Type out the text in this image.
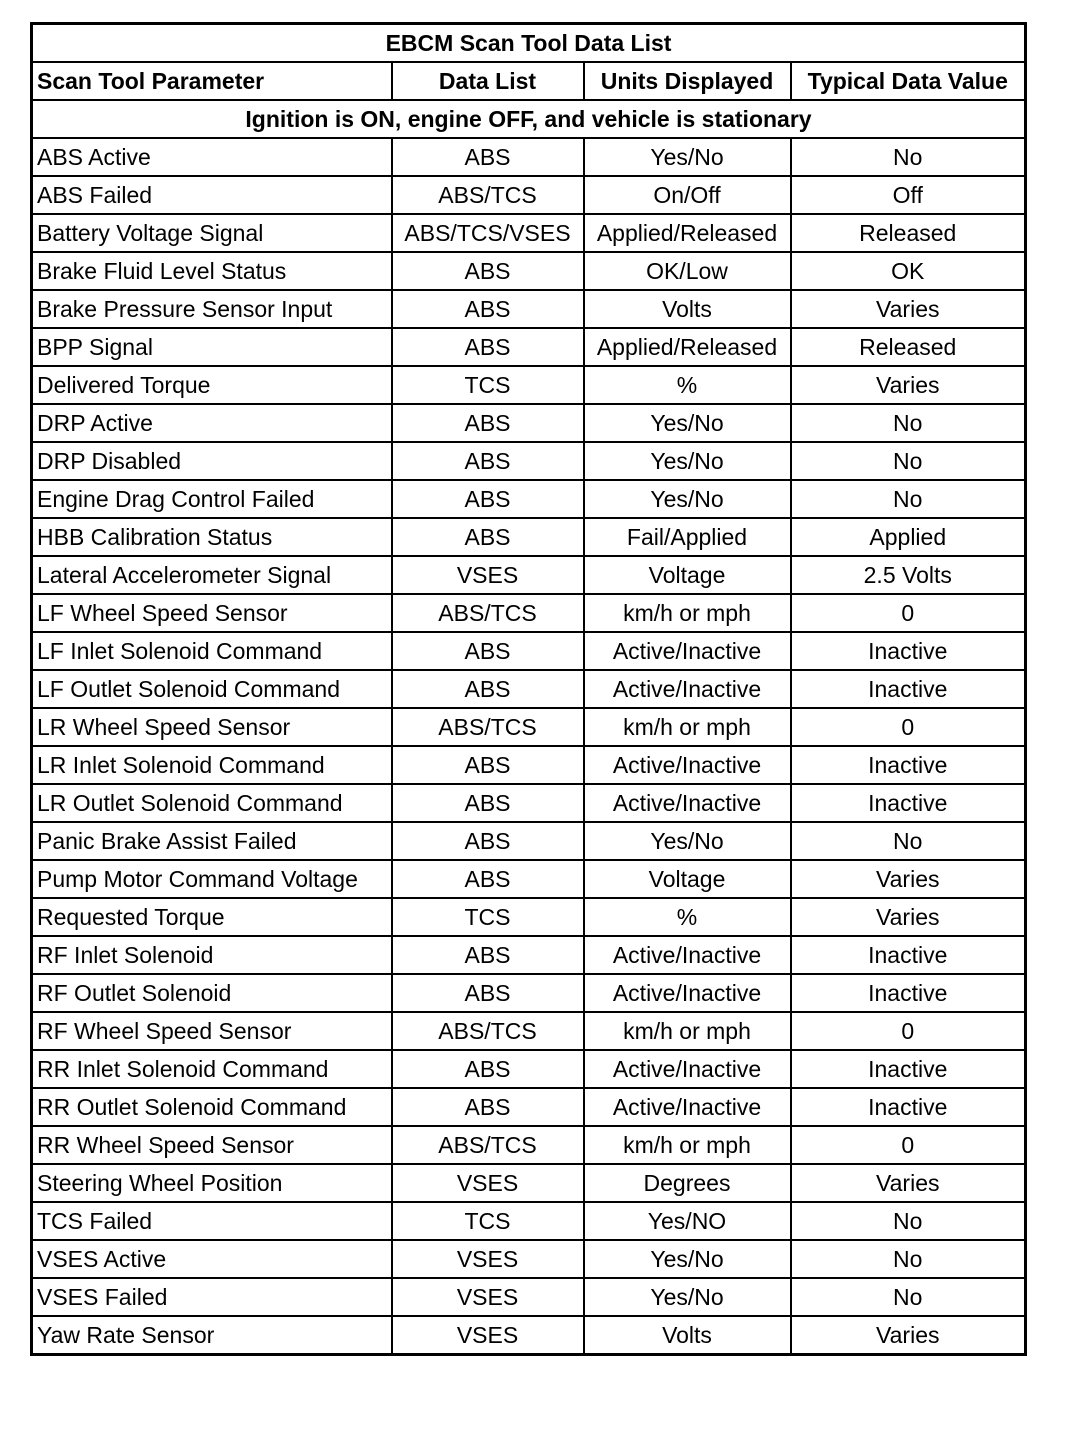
EBCM Scan Tool Data List			
Scan Tool Parameter	Data List	Units Displayed	Typical Data Value
Ignition is ON, engine OFF, and vehicle is stationary			
ABS Active	ABS	Yes/No	No
ABS Failed	ABS/TCS	On/Off	Off
Battery Voltage Signal	ABS/TCS/VSES	Applied/Released	Released
Brake Fluid Level Status	ABS	OK/Low	OK
Brake Pressure Sensor Input	ABS	Volts	Varies
BPP Signal	ABS	Applied/Released	Released
Delivered Torque	TCS	%	Varies
DRP Active	ABS	Yes/No	No
DRP Disabled	ABS	Yes/No	No
Engine Drag Control Failed	ABS	Yes/No	No
HBB Calibration Status	ABS	Fail/Applied	Applied
Lateral Accelerometer Signal	VSES	Voltage	2.5 Volts
LF Wheel Speed Sensor	ABS/TCS	km/h or mph	0
LF Inlet Solenoid Command	ABS	Active/Inactive	Inactive
LF Outlet Solenoid Command	ABS	Active/Inactive	Inactive
LR Wheel Speed Sensor	ABS/TCS	km/h or mph	0
LR Inlet Solenoid Command	ABS	Active/Inactive	Inactive
LR Outlet Solenoid Command	ABS	Active/Inactive	Inactive
Panic Brake Assist Failed	ABS	Yes/No	No
Pump Motor Command Voltage	ABS	Voltage	Varies
Requested Torque	TCS	%	Varies
RF Inlet Solenoid	ABS	Active/Inactive	Inactive
RF Outlet Solenoid	ABS	Active/Inactive	Inactive
RF Wheel Speed Sensor	ABS/TCS	km/h or mph	0
RR Inlet Solenoid Command	ABS	Active/Inactive	Inactive
RR Outlet Solenoid Command	ABS	Active/Inactive	Inactive
RR Wheel Speed Sensor	ABS/TCS	km/h or mph	0
Steering Wheel Position	VSES	Degrees	Varies
TCS Failed	TCS	Yes/NO	No
VSES Active	VSES	Yes/No	No
VSES Failed	VSES	Yes/No	No
Yaw Rate Sensor	VSES	Volts	Varies
